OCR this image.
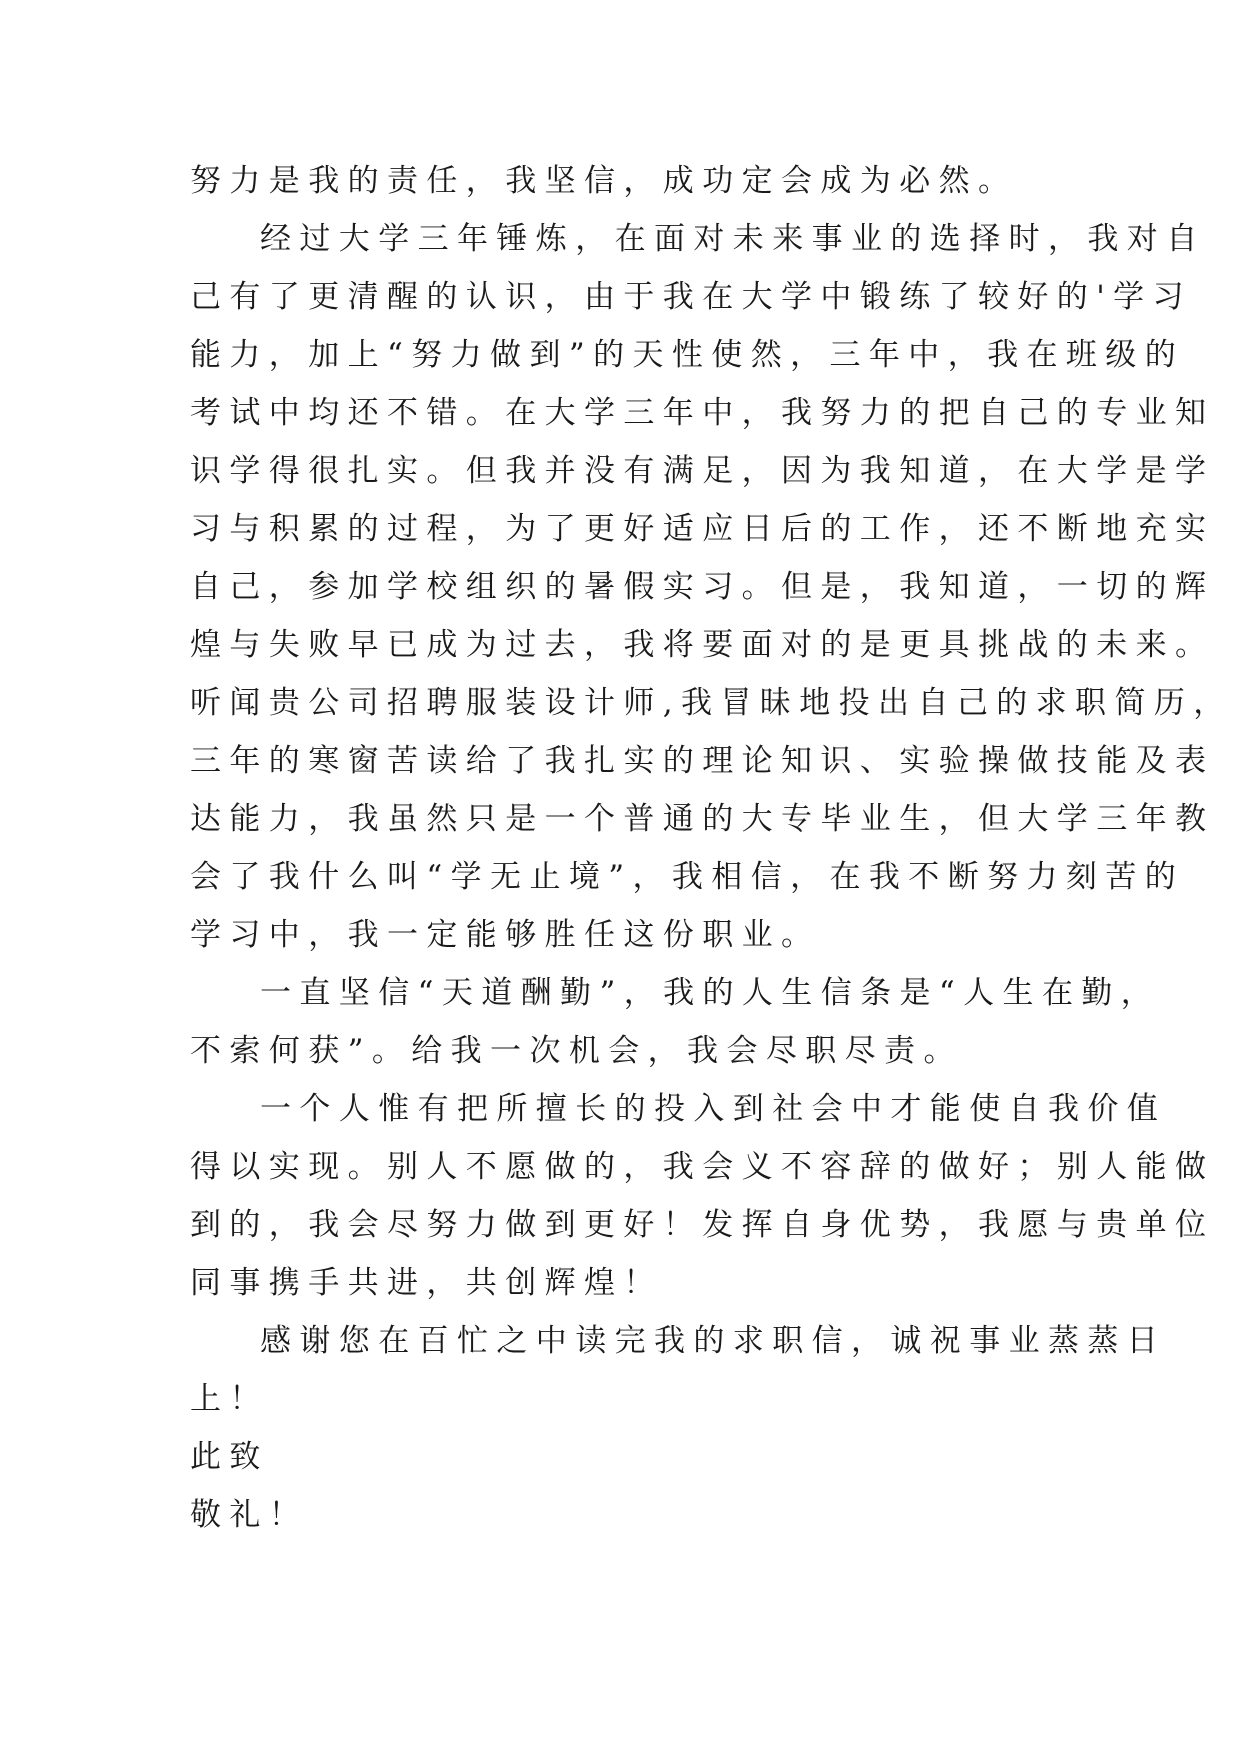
努力是我的责任，我坚信，成功定会成为必然。
经过大学三年锤炼，在面对未来事业的选择时，我对自
己有了更清醒的认识，由于我在大学中锻练了较好的'学习
能力，加上“努力做到”的天性使然，三年中，我在班级的
考试中均还不错。在大学三年中，我努力的把自己的专业知
识学得很扎实。但我并没有满足，因为我知道，在大学是学
习与积累的过程，为了更好适应日后的工作，还不断地充实
自己，参加学校组织的暑假实习。但是，我知道，一切的辉
煌与失败早已成为过去，我将要面对的是更具挑战的未来。
听闻贵公司招聘服装设计师,我冒昧地投出自己的求职简历，
三年的寒窗苦读给了我扎实的理论知识、实验操做技能及表
达能力，我虽然只是一个普通的大专毕业生，但大学三年教
会了我什么叫“学无止境”，我相信，在我不断努力刻苦的
学习中，我一定能够胜任这份职业。
一直坚信“天道酬勤”，我的人生信条是“人生在勤，
不索何获”。给我一次机会，我会尽职尽责。
一个人惟有把所擅长的投入到社会中才能使自我价值
得以实现。别人不愿做的，我会义不容辞的做好；别人能做
到的，我会尽努力做到更好！发挥自身优势，我愿与贵单位
同事携手共进，共创辉煌！
感谢您在百忙之中读完我的求职信，诚祝事业蒸蒸日
上！
此致
敬礼！
